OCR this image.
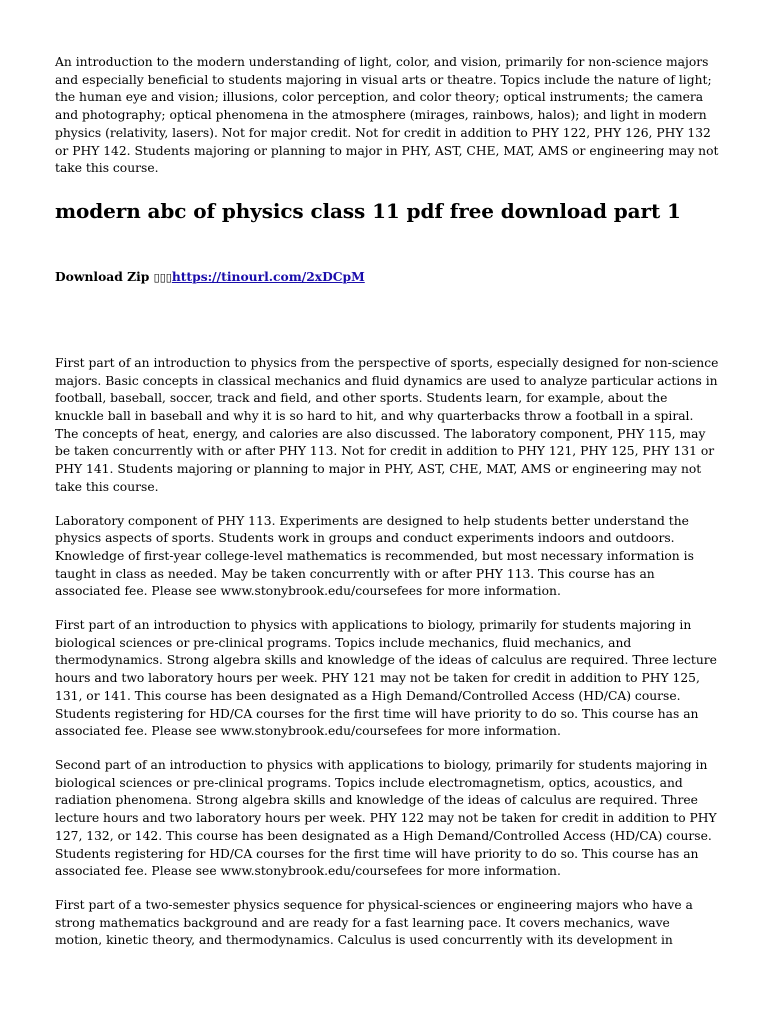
An introduction to the modern understanding of light, color, and vision, primarily for non-science majors and especially beneficial to students majoring in visual arts or theatre. Topics include the nature of light; the human eye and vision; illusions, color perception, and color theory; optical instruments; the camera and photography; optical phenomena in the atmosphere (mirages, rainbows, halos); and light in modern physics (relativity, lasers). Not for major credit. Not for credit in addition to PHY 122, PHY 126, PHY 132 or PHY 142. Students majoring or planning to major in PHY, AST, CHE, MAT, AMS or engineering may not take this course.

modern abc of physics class 11 pdf free download part 1
Download Zip ▯▯▯https://tinourl.com/2xDCpM

First part of an introduction to physics from the perspective of sports, especially designed for non-science majors. Basic concepts in classical mechanics and fluid dynamics are used to analyze particular actions in football, baseball, soccer, track and field, and other sports. Students learn, for example, about the knuckle ball in baseball and why it is so hard to hit, and why quarterbacks throw a football in a spiral. The concepts of heat, energy, and calories are also discussed. The laboratory component, PHY 115, may be taken concurrently with or after PHY 113. Not for credit in addition to PHY 121, PHY 125, PHY 131 or PHY 141. Students majoring or planning to major in PHY, AST, CHE, MAT, AMS or engineering may not take this course.

Laboratory component of PHY 113. Experiments are designed to help students better understand the physics aspects of sports. Students work in groups and conduct experiments indoors and outdoors. Knowledge of first-year college-level mathematics is recommended, but most necessary information is taught in class as needed. May be taken concurrently with or after PHY 113. This course has an associated fee. Please see www.stonybrook.edu/coursefees for more information.

First part of an introduction to physics with applications to biology, primarily for students majoring in biological sciences or pre-clinical programs. Topics include mechanics, fluid mechanics, and thermodynamics. Strong algebra skills and knowledge of the ideas of calculus are required. Three lecture hours and two laboratory hours per week. PHY 121 may not be taken for credit in addition to PHY 125, 131, or 141. This course has been designated as a High Demand/Controlled Access (HD/CA) course. Students registering for HD/CA courses for the first time will have priority to do so. This course has an associated fee. Please see www.stonybrook.edu/coursefees for more information.

Second part of an introduction to physics with applications to biology, primarily for students majoring in biological sciences or pre-clinical programs. Topics include electromagnetism, optics, acoustics, and radiation phenomena. Strong algebra skills and knowledge of the ideas of calculus are required. Three lecture hours and two laboratory hours per week. PHY 122 may not be taken for credit in addition to PHY 127, 132, or 142. This course has been designated as a High Demand/Controlled Access (HD/CA) course. Students registering for HD/CA courses for the first time will have priority to do so. This course has an associated fee. Please see www.stonybrook.edu/coursefees for more information.

First part of a two-semester physics sequence for physical-sciences or engineering majors who have a strong mathematics background and are ready for a fast learning pace. It covers mechanics, wave motion, kinetic theory, and thermodynamics. Calculus is used concurrently with its development in
